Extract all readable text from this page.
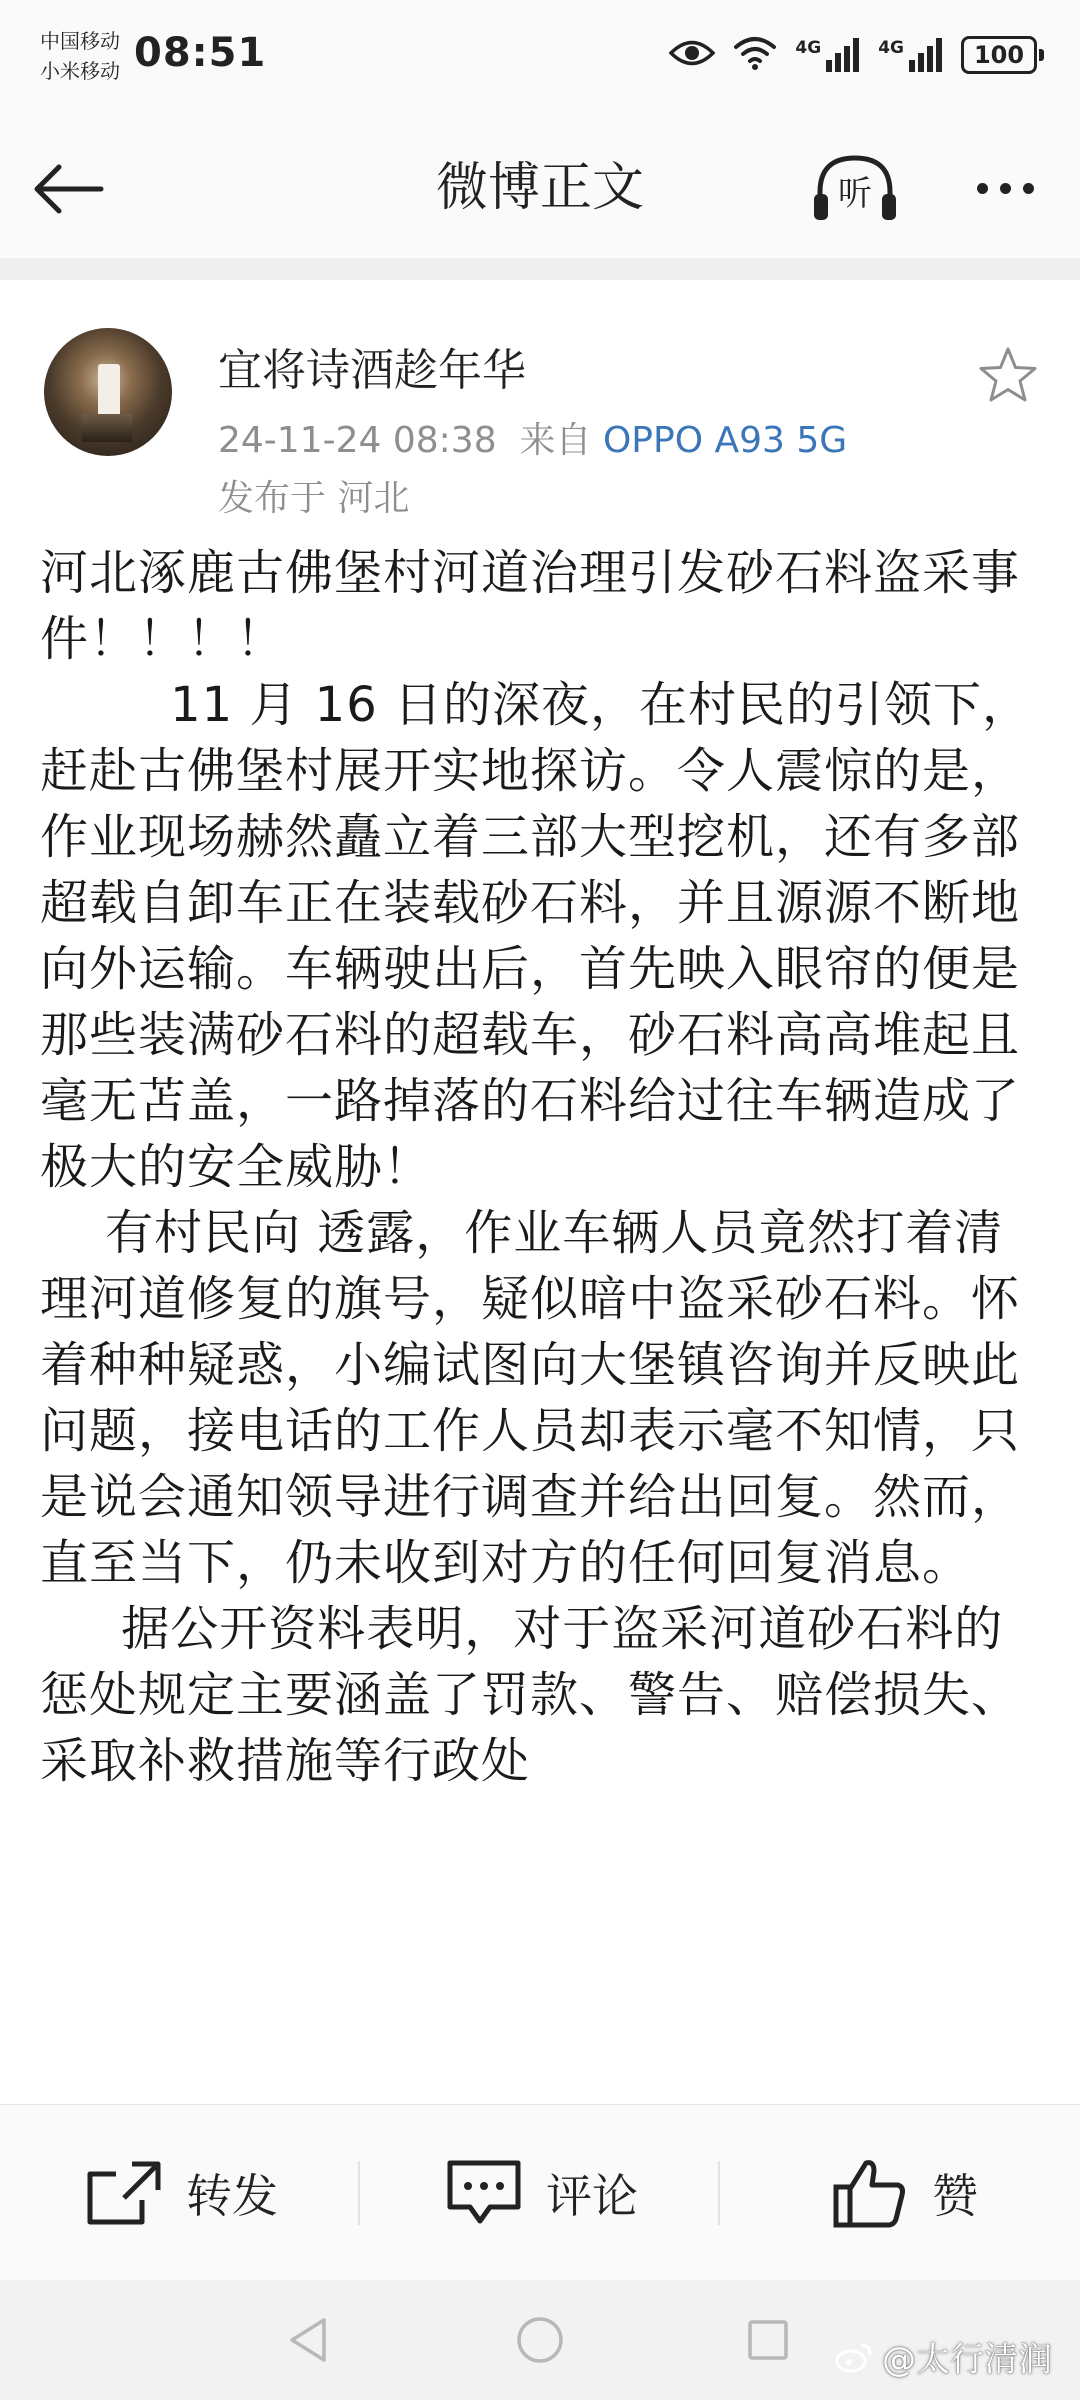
中国移动
小米移动 08:51	4G	4G	100
微博正文	听
宜将诗酒趁年华
24-11-24 08:38 来自 OPPO A93 5G
发布于 河北

河北涿鹿古佛堡村河道治理引发砂石料盗采事件！！！！

11 月 16 日的深夜，在村民的引领下，赶赴古佛堡村展开实地探访。令人震惊的是，作业现场赫然矗立着三部大型挖机，还有多部超载自卸车正在装载砂石料，并且源源不断地向外运输。车辆驶出后，首先映入眼帘的便是那些装满砂石料的超载车，砂石料高高堆起且毫无苫盖，一路掉落的石料给过往车辆造成了极大的安全威胁！

有村民向 透露，作业车辆人员竟然打着清理河道修复的旗号，疑似暗中盗采砂石料。怀着种种疑惑，小编试图向大堡镇咨询并反映此问题，接电话的工作人员却表示毫不知情，只是说会通知领导进行调查并给出回复。然而，直至当下，仍未收到对方的任何回复消息。

据公开资料表明，对于盗采河道砂石料的惩处规定主要涵盖了罚款、警告、赔偿损失、采取补救措施等行政处

转发	评论	赞
@太行清润
